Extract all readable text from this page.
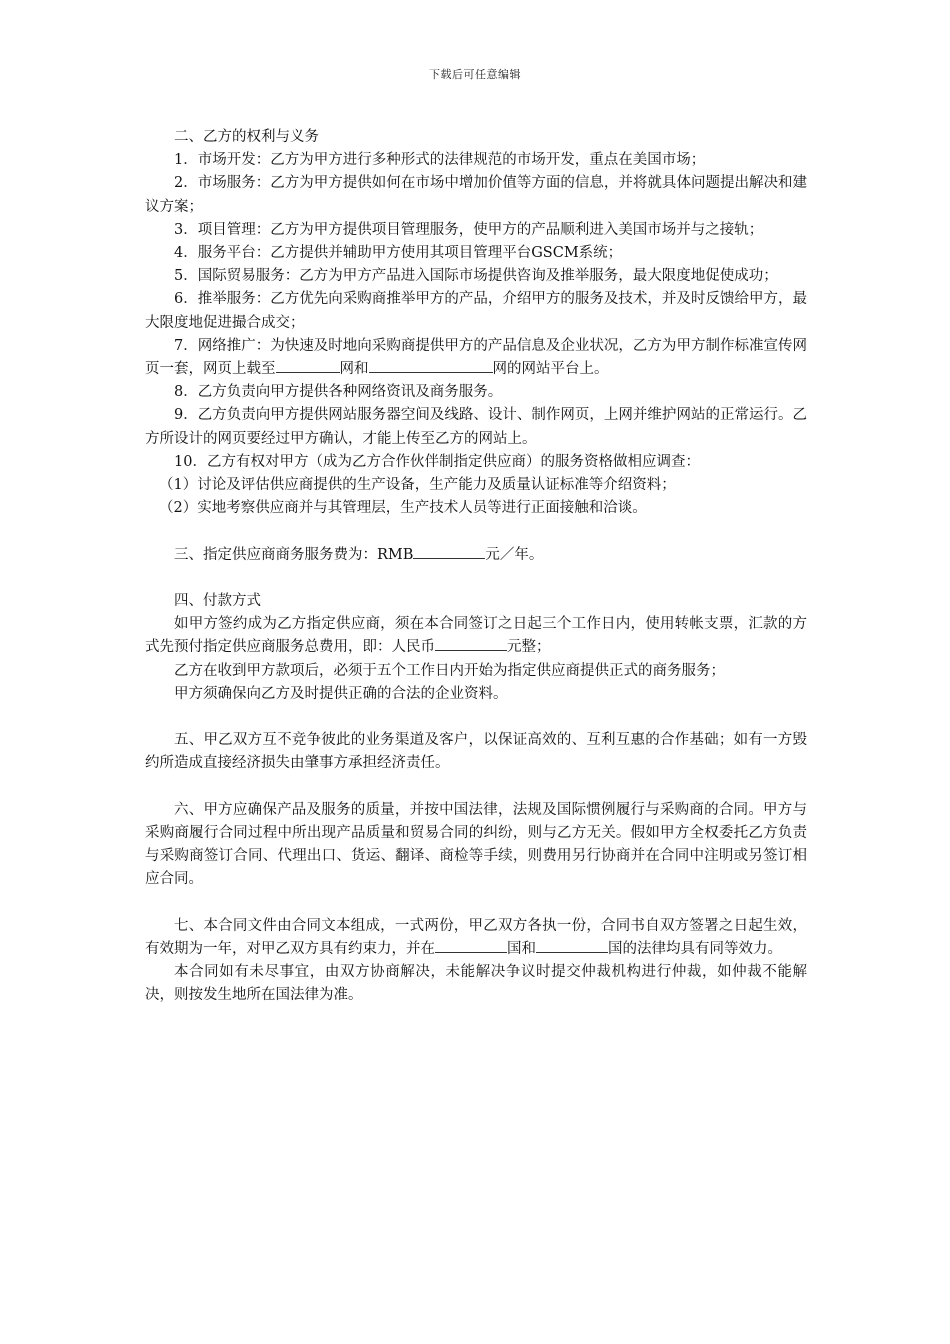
下载后可任意编辑

二、乙方的权利与义务

1．市场开发：乙方为甲方进行多种形式的法律规范的市场开发，重点在美国市场；

2．市场服务：乙方为甲方提供如何在市场中增加价值等方面的信息，并将就具体问题提出解决和建议方案；

3．项目管理：乙方为甲方提供项目管理服务，使甲方的产品顺利进入美国市场并与之接轨；

4．服务平台：乙方提供并辅助甲方使用其项目管理平台GSCM系统；

5．国际贸易服务：乙方为甲方产品进入国际市场提供咨询及推举服务，最大限度地促使成功；

6．推举服务：乙方优先向采购商推举甲方的产品，介绍甲方的服务及技术，并及时反馈给甲方，最大限度地促进撮合成交；

7．网络推广：为快速及时地向采购商提供甲方的产品信息及企业状况，乙方为甲方制作标准宣传网页一套，网页上载至	网和	网的网站平台上。

8．乙方负责向甲方提供各种网络资讯及商务服务。

9．乙方负责向甲方提供网站服务器空间及线路、设计、制作网页，上网并维护网站的正常运行。乙方所设计的网页要经过甲方确认，才能上传至乙方的网站上。

10．乙方有权对甲方（成为乙方合作伙伴制指定供应商）的服务资格做相应调查：

（1）讨论及评估供应商提供的生产设备，生产能力及质量认证标准等介绍资料；

（2）实地考察供应商并与其管理层，生产技术人员等进行正面接触和洽谈。

三、指定供应商商务服务费为：RMB	元／年。

四、付款方式

如甲方签约成为乙方指定供应商，须在本合同签订之日起三个工作日内，使用转帐支票，汇款的方式先预付指定供应商服务总费用，即：人民币	元整；

乙方在收到甲方款项后，必须于五个工作日内开始为指定供应商提供正式的商务服务；

甲方须确保向乙方及时提供正确的合法的企业资料。

五、甲乙双方互不竞争彼此的业务渠道及客户，以保证高效的、互利互惠的合作基础；如有一方毁约所造成直接经济损失由肇事方承担经济责任。

六、甲方应确保产品及服务的质量，并按中国法律，法规及国际惯例履行与采购商的合同。甲方与采购商履行合同过程中所出现产品质量和贸易合同的纠纷，则与乙方无关。假如甲方全权委托乙方负责与采购商签订合同、代理出口、货运、翻译、商检等手续，则费用另行协商并在合同中注明或另签订相应合同。

七、本合同文件由合同文本组成，一式两份，甲乙双方各执一份，合同书自双方签署之日起生效，有效期为一年，对甲乙双方具有约束力，并在	国和	国的法律均具有同等效力。

本合同如有未尽事宜，由双方协商解决，未能解决争议时提交仲裁机构进行仲裁，如仲裁不能解决，则按发生地所在国法律为准。
